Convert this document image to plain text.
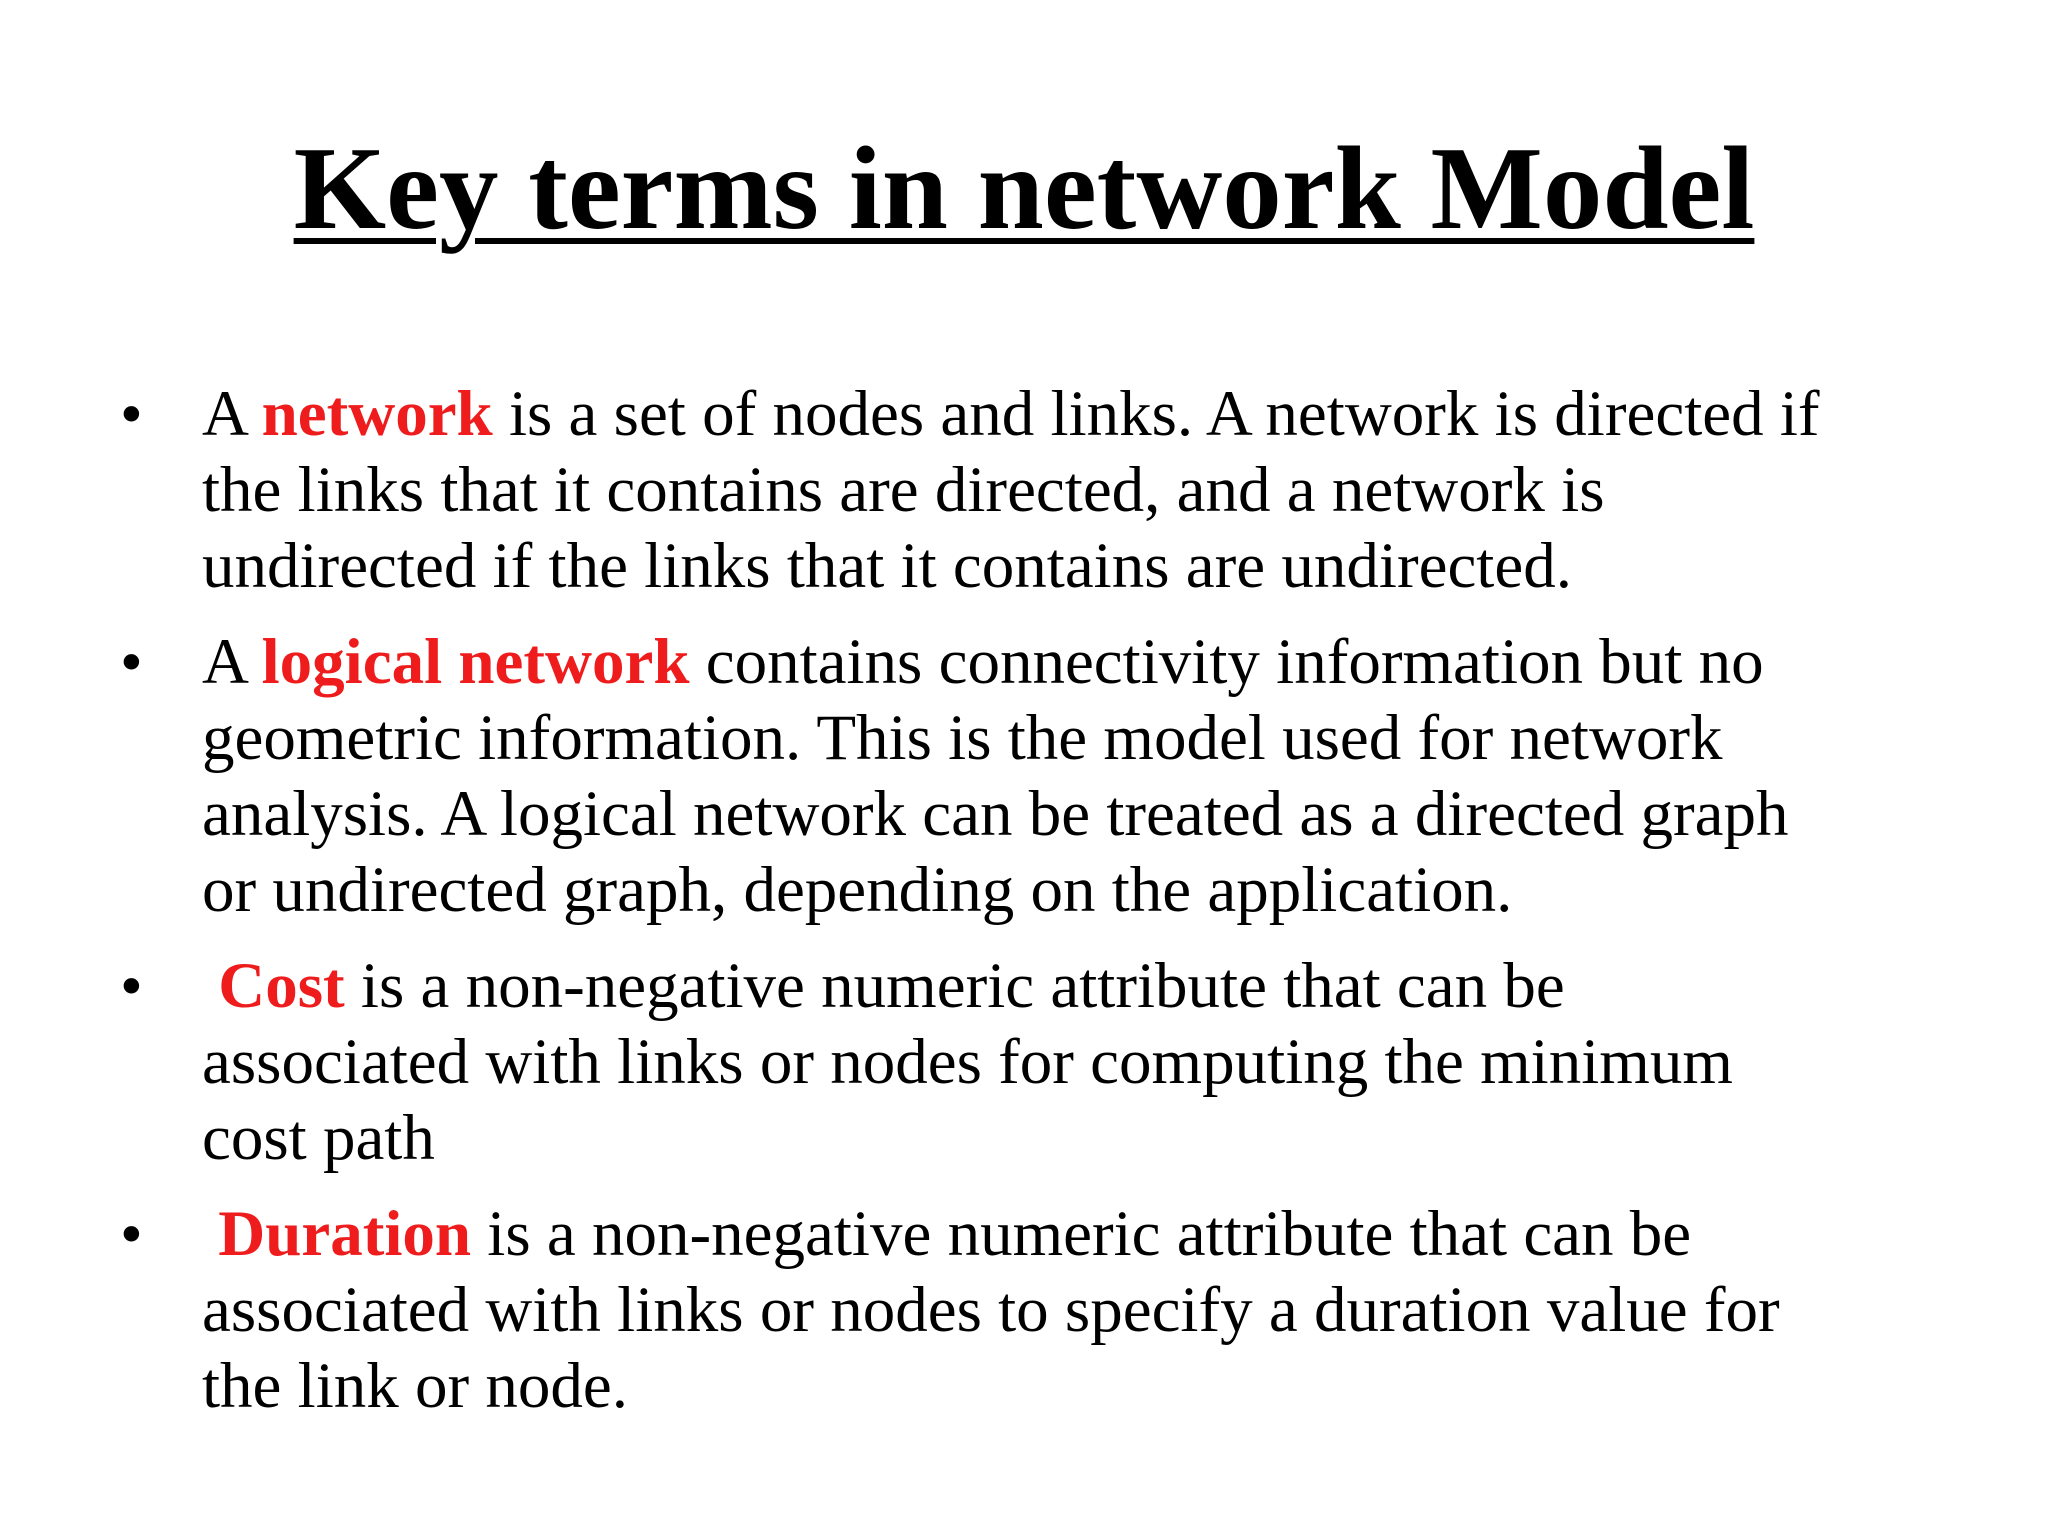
Key terms in network Model
• A network is a set of nodes and links. A network is directed if
the links that it contains are directed, and a network is
undirected if the links that it contains are undirected.
• A logical network contains connectivity information but no
geometric information. This is the model used for network
analysis. A logical network can be treated as a directed graph
or undirected graph, depending on the application.
• Cost is a non-negative numeric attribute that can be
associated with links or nodes for computing the minimum
cost path
• Duration is a non-negative numeric attribute that can be
associated with links or nodes to specify a duration value for
the link or node.
